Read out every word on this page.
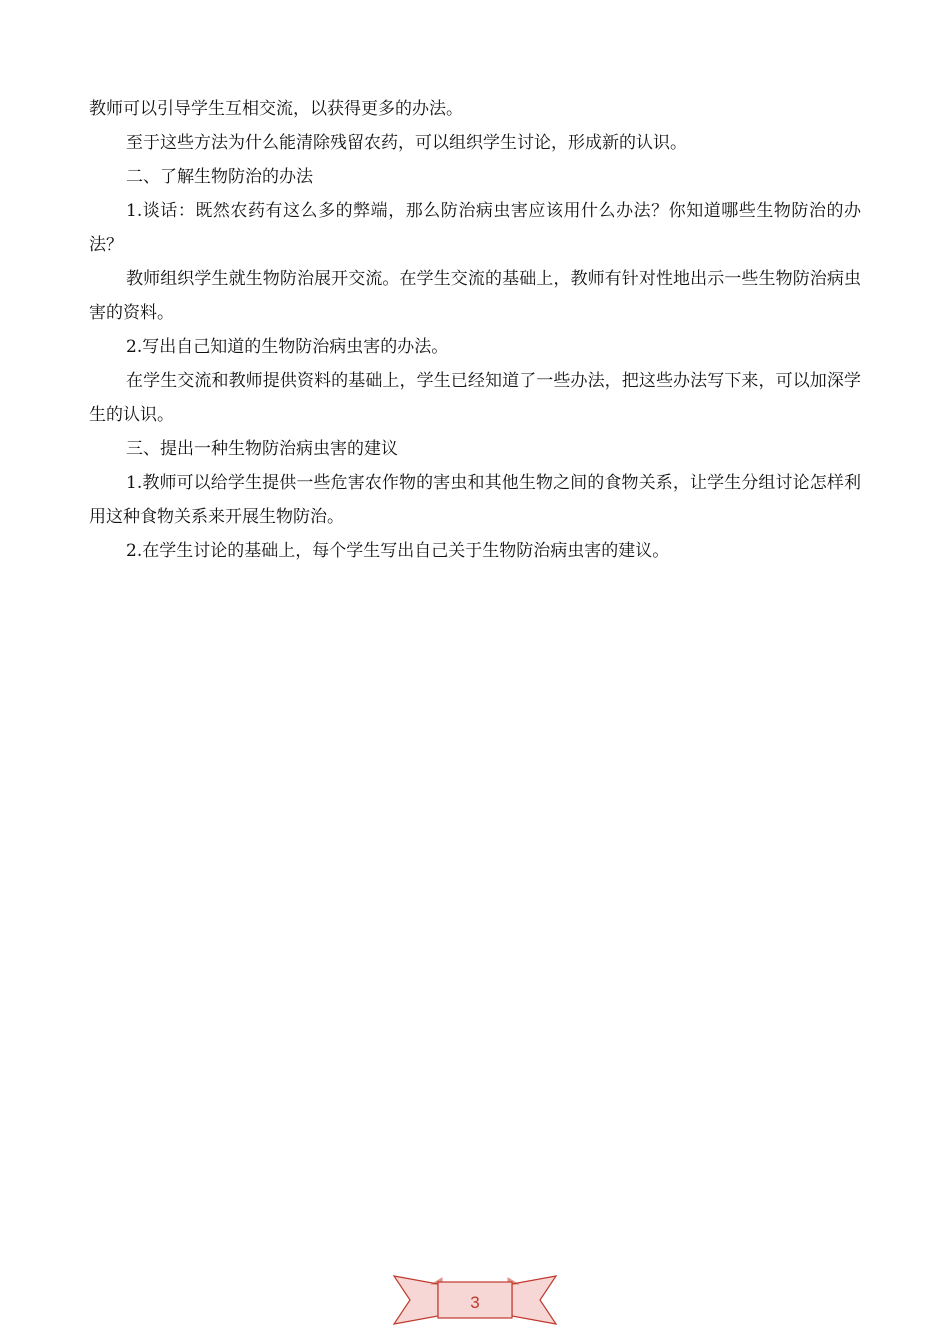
教师可以引导学生互相交流，以获得更多的办法。

至于这些方法为什么能清除残留农药，可以组织学生讨论，形成新的认识。

二、了解生物防治的办法

1.谈话：既然农药有这么多的弊端，那么防治病虫害应该用什么办法？你知道哪些生物防治的办法？

教师组织学生就生物防治展开交流。在学生交流的基础上，教师有针对性地出示一些生物防治病虫害的资料。

2.写出自己知道的生物防治病虫害的办法。

在学生交流和教师提供资料的基础上，学生已经知道了一些办法，把这些办法写下来，可以加深学生的认识。

三、提出一种生物防治病虫害的建议

1.教师可以给学生提供一些危害农作物的害虫和其他生物之间的食物关系，让学生分组讨论怎样利用这种食物关系来开展生物防治。

2.在学生讨论的基础上，每个学生写出自己关于生物防治病虫害的建议。

3
